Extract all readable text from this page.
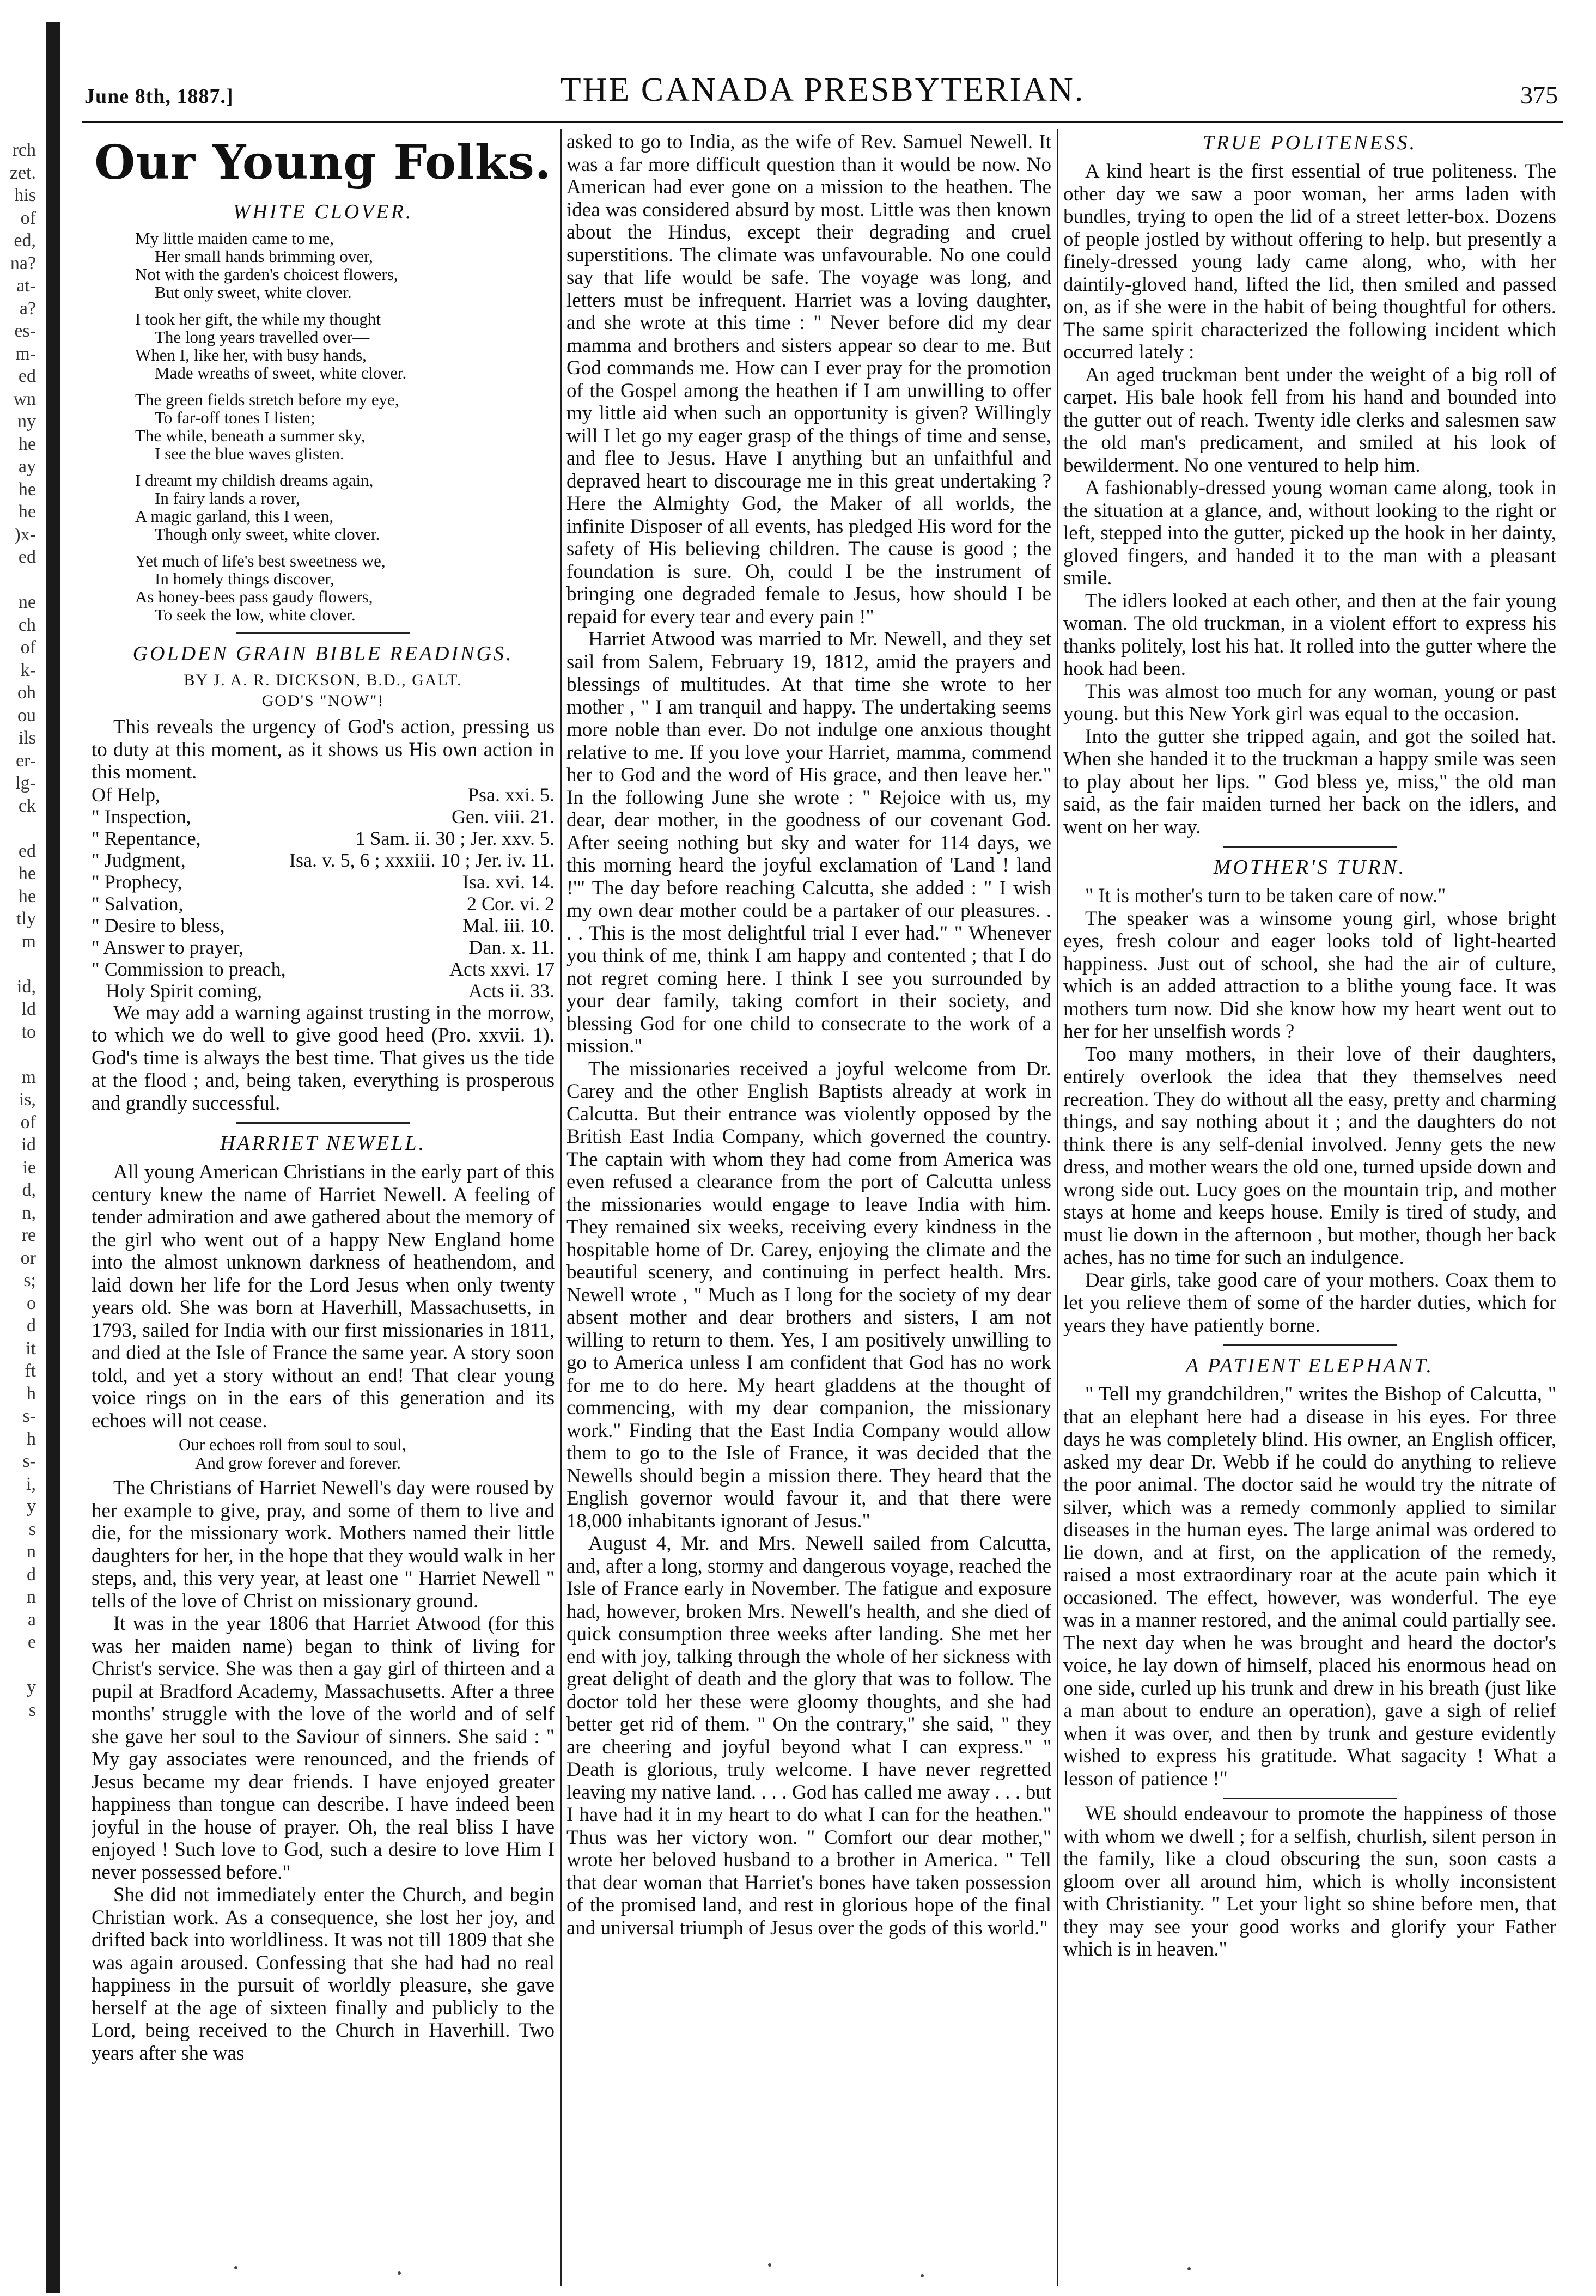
rch
zet.
his
of
ed,
na?
at-
a?
es-
m-
ed
wn
ny
he
ay
he
he
)x-
ed
ne
ch
of
k-
oh
ou
ils
er-
lg-
ck
ed
he
he
tly
m
id,
ld
to
m
is,
of
id
ie
d,
n,
re
or
s;
o
d
it
ft
h
s-
h
s-
i,
y
s
n
d
n
a
e
y
s
June 8th, 1887.]	THE CANADA PRESBYTERIAN.	375
Our Young Folks.
WHITE CLOVER.
My little maiden came to me,
Her small hands brimming over,
Not with the garden's choicest flowers,
But only sweet, white clover.
I took her gift, the while my thought
The long years travelled over—
When I, like her, with busy hands,
Made wreaths of sweet, white clover.
The green fields stretch before my eye,
To far-off tones I listen;
The while, beneath a summer sky,
I see the blue waves glisten.
I dreamt my childish dreams again,
In fairy lands a rover,
A magic garland, this I ween,
Though only sweet, white clover.
Yet much of life's best sweetness we,
In homely things discover,
As honey-bees pass gaudy flowers,
To seek the low, white clover.
GOLDEN GRAIN BIBLE READINGS.
BY J. A. R. DICKSON, B.D., GALT.
GOD'S "NOW"!

This reveals the urgency of God's action, pressing us to duty at this moment, as it shows us His own action in this moment.

Of Help,	Psa. xxi. 5.
" Inspection,	Gen. viii. 21.
" Repentance,	1 Sam. ii. 30 ; Jer. xxv. 5.
" Judgment,	Isa. v. 5, 6 ; xxxiii. 10 ; Jer. iv. 11.
" Prophecy,	Isa. xvi. 14.
" Salvation,	2 Cor. vi. 2
" Desire to bless,	Mal. iii. 10.
" Answer to prayer,	Dan. x. 11.
" Commission to preach,	Acts xxvi. 17
Holy Spirit coming,	Acts ii. 33.

We may add a warning against trusting in the morrow, to which we do well to give good heed (Pro. xxvii. 1). God's time is always the best time. That gives us the tide at the flood ; and, being taken, everything is prosperous and grandly successful.

HARRIET NEWELL.

All young American Christians in the early part of this century knew the name of Harriet Newell. A feeling of tender admiration and awe gathered about the memory of the girl who went out of a happy New England home into the almost unknown darkness of heathendom, and laid down her life for the Lord Jesus when only twenty years old. She was born at Haverhill, Massachusetts, in 1793, sailed for India with our first missionaries in 1811, and died at the Isle of France the same year. A story soon told, and yet a story without an end! That clear young voice rings on in the ears of this generation and its echoes will not cease.

Our echoes roll from soul to soul,
And grow forever and forever.

The Christians of Harriet Newell's day were roused by her example to give, pray, and some of them to live and die, for the missionary work. Mothers named their little daughters for her, in the hope that they would walk in her steps, and, this very year, at least one " Harriet Newell " tells of the love of Christ on missionary ground.

It was in the year 1806 that Harriet Atwood (for this was her maiden name) began to think of living for Christ's service. She was then a gay girl of thirteen and a pupil at Bradford Academy, Massachusetts. After a three months' struggle with the love of the world and of self she gave her soul to the Saviour of sinners. She said : " My gay associates were renounced, and the friends of Jesus became my dear friends. I have enjoyed greater happiness than tongue can describe. I have indeed been joyful in the house of prayer. Oh, the real bliss I have enjoyed ! Such love to God, such a desire to love Him I never possessed before."

She did not immediately enter the Church, and begin Christian work. As a consequence, she lost her joy, and drifted back into worldliness. It was not till 1809 that she was again aroused. Confessing that she had had no real happiness in the pursuit of worldly pleasure, she gave herself at the age of sixteen finally and publicly to the Lord, being received to the Church in Haverhill. Two years after she was

asked to go to India, as the wife of Rev. Samuel Newell. It was a far more difficult question than it would be now. No American had ever gone on a mission to the heathen. The idea was considered absurd by most. Little was then known about the Hindus, except their degrading and cruel superstitions. The climate was unfavourable. No one could say that life would be safe. The voyage was long, and letters must be infrequent. Harriet was a loving daughter, and she wrote at this time : " Never before did my dear mamma and brothers and sisters appear so dear to me. But God commands me. How can I ever pray for the promotion of the Gospel among the heathen if I am unwilling to offer my little aid when such an opportunity is given? Willingly will I let go my eager grasp of the things of time and sense, and flee to Jesus. Have I anything but an unfaithful and depraved heart to discourage me in this great undertaking ? Here the Almighty God, the Maker of all worlds, the infinite Disposer of all events, has pledged His word for the safety of His believing children. The cause is good ; the foundation is sure. Oh, could I be the instrument of bringing one degraded female to Jesus, how should I be repaid for every tear and every pain !"

Harriet Atwood was married to Mr. Newell, and they set sail from Salem, February 19, 1812, amid the prayers and blessings of multitudes. At that time she wrote to her mother , " I am tranquil and happy. The undertaking seems more noble than ever. Do not indulge one anxious thought relative to me. If you love your Harriet, mamma, commend her to God and the word of His grace, and then leave her." In the following June she wrote : " Rejoice with us, my dear, dear mother, in the goodness of our covenant God. After seeing nothing but sky and water for 114 days, we this morning heard the joyful exclamation of 'Land ! land !'" The day before reaching Calcutta, she added : " I wish my own dear mother could be a partaker of our pleasures. . . . This is the most delightful trial I ever had." " Whenever you think of me, think I am happy and contented ; that I do not regret coming here. I think I see you surrounded by your dear family, taking comfort in their society, and blessing God for one child to consecrate to the work of a mission."

The missionaries received a joyful welcome from Dr. Carey and the other English Baptists already at work in Calcutta. But their entrance was violently opposed by the British East India Company, which governed the country. The captain with whom they had come from America was even refused a clearance from the port of Calcutta unless the missionaries would engage to leave India with him. They remained six weeks, receiving every kindness in the hospitable home of Dr. Carey, enjoying the climate and the beautiful scenery, and continuing in perfect health. Mrs. Newell wrote , " Much as I long for the society of my dear absent mother and dear brothers and sisters, I am not willing to return to them. Yes, I am positively unwilling to go to America unless I am confident that God has no work for me to do here. My heart gladdens at the thought of commencing, with my dear companion, the missionary work." Finding that the East India Company would allow them to go to the Isle of France, it was decided that the Newells should begin a mission there. They heard that the English governor would favour it, and that there were 18,000 inhabitants ignorant of Jesus."

August 4, Mr. and Mrs. Newell sailed from Calcutta, and, after a long, stormy and dangerous voyage, reached the Isle of France early in November. The fatigue and exposure had, however, broken Mrs. Newell's health, and she died of quick consumption three weeks after landing. She met her end with joy, talking through the whole of her sickness with great delight of death and the glory that was to follow. The doctor told her these were gloomy thoughts, and she had better get rid of them. " On the contrary," she said, " they are cheering and joyful beyond what I can express." " Death is glorious, truly welcome. I have never regretted leaving my native land. . . . God has called me away . . . but I have had it in my heart to do what I can for the heathen." Thus was her victory won. " Comfort our dear mother," wrote her beloved husband to a brother in America. " Tell that dear woman that Harriet's bones have taken possession of the promised land, and rest in glorious hope of the final and universal triumph of Jesus over the gods of this world."

TRUE POLITENESS.

A kind heart is the first essential of true politeness. The other day we saw a poor woman, her arms laden with bundles, trying to open the lid of a street letter-box. Dozens of people jostled by without offering to help. but presently a finely-dressed young lady came along, who, with her daintily-gloved hand, lifted the lid, then smiled and passed on, as if she were in the habit of being thoughtful for others. The same spirit characterized the following incident which occurred lately :

An aged truckman bent under the weight of a big roll of carpet. His bale hook fell from his hand and bounded into the gutter out of reach. Twenty idle clerks and salesmen saw the old man's predicament, and smiled at his look of bewilderment. No one ventured to help him.

A fashionably-dressed young woman came along, took in the situation at a glance, and, without looking to the right or left, stepped into the gutter, picked up the hook in her dainty, gloved fingers, and handed it to the man with a pleasant smile.

The idlers looked at each other, and then at the fair young woman. The old truckman, in a violent effort to express his thanks politely, lost his hat. It rolled into the gutter where the hook had been.

This was almost too much for any woman, young or past young. but this New York girl was equal to the occasion.

Into the gutter she tripped again, and got the soiled hat. When she handed it to the truckman a happy smile was seen to play about her lips. " God bless ye, miss," the old man said, as the fair maiden turned her back on the idlers, and went on her way.

MOTHER'S TURN.

" It is mother's turn to be taken care of now."

The speaker was a winsome young girl, whose bright eyes, fresh colour and eager looks told of light-hearted happiness. Just out of school, she had the air of culture, which is an added attraction to a blithe young face. It was mothers turn now. Did she know how my heart went out to her for her unselfish words ?

Too many mothers, in their love of their daughters, entirely overlook the idea that they themselves need recreation. They do without all the easy, pretty and charming things, and say nothing about it ; and the daughters do not think there is any self-denial involved. Jenny gets the new dress, and mother wears the old one, turned upside down and wrong side out. Lucy goes on the mountain trip, and mother stays at home and keeps house. Emily is tired of study, and must lie down in the afternoon , but mother, though her back aches, has no time for such an indulgence.

Dear girls, take good care of your mothers. Coax them to let you relieve them of some of the harder duties, which for years they have patiently borne.

A PATIENT ELEPHANT.

" Tell my grandchildren," writes the Bishop of Calcutta, " that an elephant here had a disease in his eyes. For three days he was completely blind. His owner, an English officer, asked my dear Dr. Webb if he could do anything to relieve the poor animal. The doctor said he would try the nitrate of silver, which was a remedy commonly applied to similar diseases in the human eyes. The large animal was ordered to lie down, and at first, on the application of the remedy, raised a most extraordinary roar at the acute pain which it occasioned. The effect, however, was wonderful. The eye was in a manner restored, and the animal could partially see. The next day when he was brought and heard the doctor's voice, he lay down of himself, placed his enormous head on one side, curled up his trunk and drew in his breath (just like a man about to endure an operation), gave a sigh of relief when it was over, and then by trunk and gesture evidently wished to express his gratitude. What sagacity ! What a lesson of patience !"

WE should endeavour to promote the happiness of those with whom we dwell ; for a selfish, churlish, silent person in the family, like a cloud obscuring the sun, soon casts a gloom over all around him, which is wholly inconsistent with Christianity. " Let your light so shine before men, that they may see your good works and glorify your Father which is in heaven."
